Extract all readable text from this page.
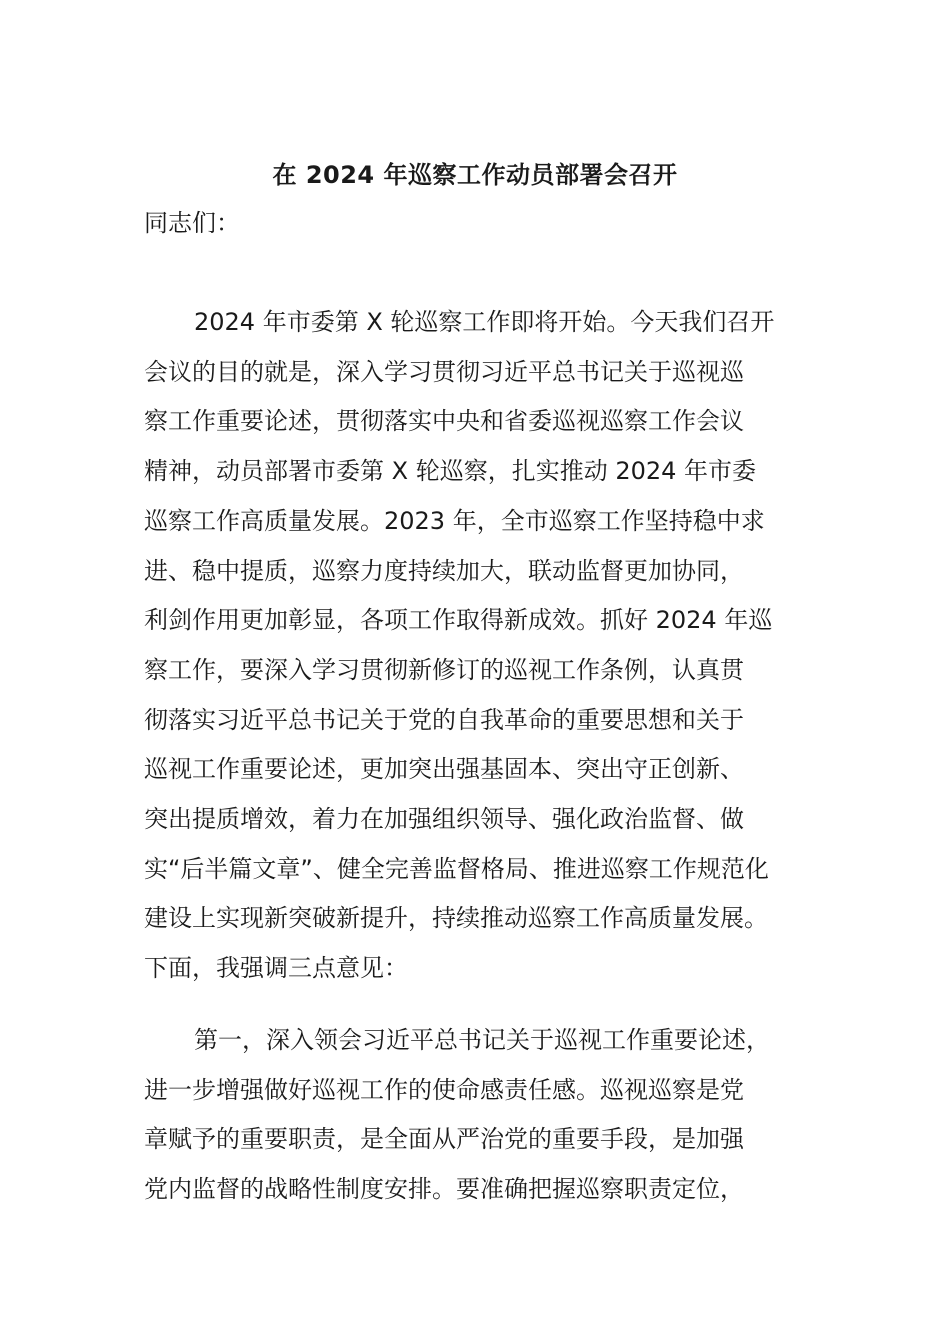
在 2024 年巡察工作动员部署会召开

同志们：

2024 年市委第 X 轮巡察工作即将开始。今天我们召开
会议的目的就是，深入学习贯彻习近平总书记关于巡视巡
察工作重要论述，贯彻落实中央和省委巡视巡察工作会议
精神，动员部署市委第 X 轮巡察，扎实推动 2024 年市委
巡察工作高质量发展。2023 年，全市巡察工作坚持稳中求
进、稳中提质，巡察力度持续加大，联动监督更加协同，
利剑作用更加彰显，各项工作取得新成效。抓好 2024 年巡
察工作，要深入学习贯彻新修订的巡视工作条例，认真贯
彻落实习近平总书记关于党的自我革命的重要思想和关于
巡视工作重要论述，更加突出强基固本、突出守正创新、
突出提质增效，着力在加强组织领导、强化政治监督、做
实“后半篇文章”、健全完善监督格局、推进巡察工作规范化
建设上实现新突破新提升，持续推动巡察工作高质量发展。
下面，我强调三点意见：
第一，深入领会习近平总书记关于巡视工作重要论述，
进一步增强做好巡视工作的使命感责任感。巡视巡察是党
章赋予的重要职责，是全面从严治党的重要手段，是加强
党内监督的战略性制度安排。要准确把握巡察职责定位，
